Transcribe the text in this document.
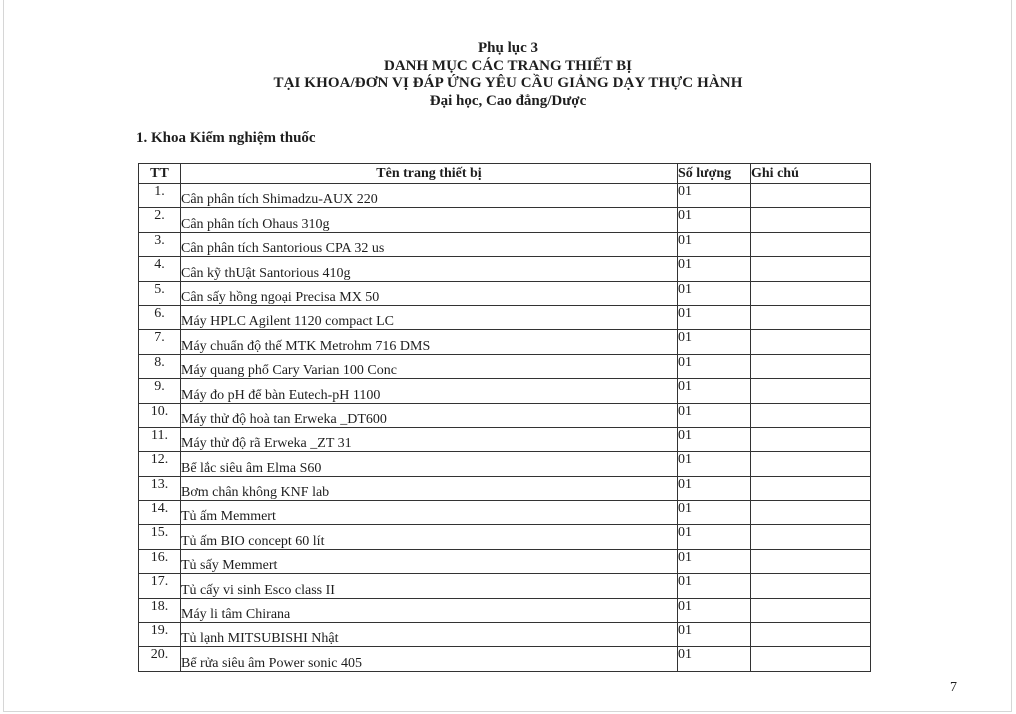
Phụ lục 3
DANH MỤC CÁC TRANG THIẾT BỊ
TẠI KHOA/ĐƠN VỊ ĐÁP ỨNG YÊU CẦU GIẢNG DẠY THỰC HÀNH
Đại học, Cao đẳng/Dược
1. Khoa Kiểm nghiệm thuốc
TT	Tên trang thiết bị	Số lượng	Ghi chú
1.	Cân phân tích Shimadzu-AUX 220	01	
2.	Cân phân tích Ohaus 310g	01	
3.	Cân phân tích Santorious CPA 32 us	01	
4.	Cân kỹ thUật Santorious 410g	01	
5.	Cân sấy hồng ngoại Precisa MX 50	01	
6.	Máy HPLC Agilent 1120 compact LC	01	
7.	Máy chuẩn độ thế MTK Metrohm 716 DMS	01	
8.	Máy quang phổ Cary Varian 100 Conc	01	
9.	Máy đo pH để bàn Eutech-pH 1100	01	
10.	Máy thử độ hoà tan Erweka _DT600	01	
11.	Máy thử độ rã Erweka _ZT 31	01	
12.	Bể lắc siêu âm Elma S60	01	
13.	Bơm chân không KNF lab	01	
14.	Tủ ấm Memmert	01	
15.	Tủ ấm BIO concept 60 lít	01	
16.	Tủ sấy Memmert	01	
17.	Tủ cấy vi sinh Esco class II	01	
18.	Máy li tâm Chirana	01	
19.	Tủ lạnh MITSUBISHI Nhật	01	
20.	Bể rửa siêu âm Power sonic 405	01	
7
